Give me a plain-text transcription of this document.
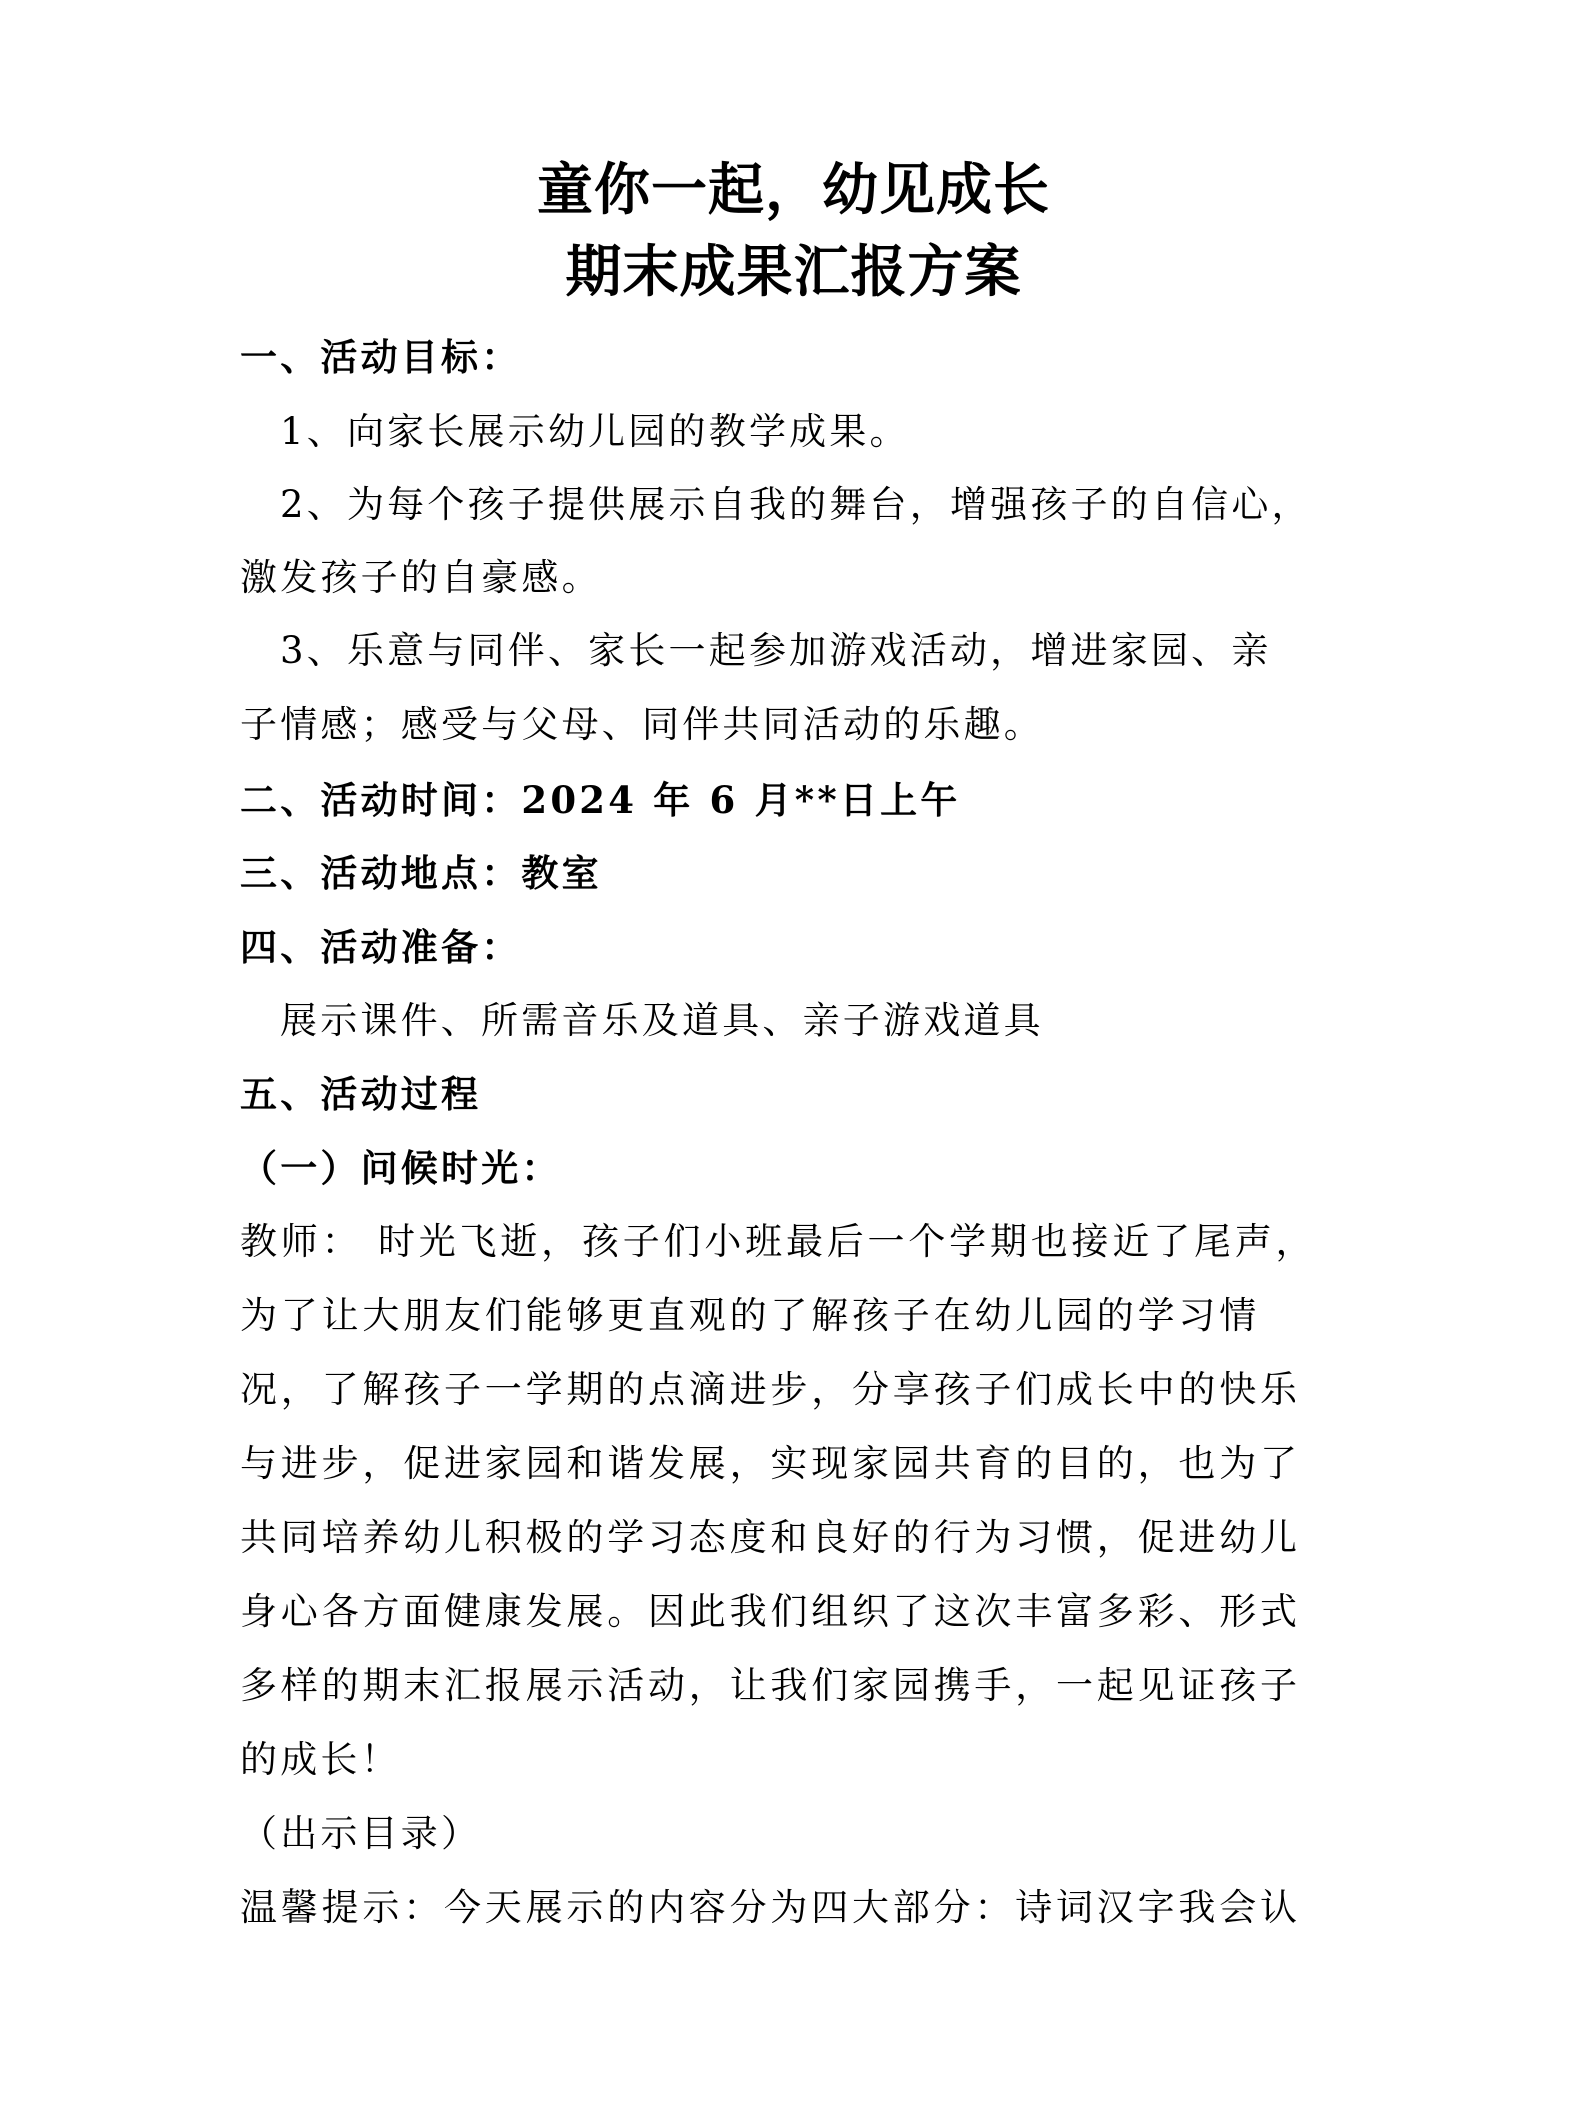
童你一起，幼见成长
期末成果汇报方案
一、活动目标：
1、向家长展示幼儿园的教学成果。
2、为每个孩子提供展示自我的舞台，增强孩子的自信心，
激发孩子的自豪感。
3、乐意与同伴、家长一起参加游戏活动，增进家园、亲
子情感；感受与父母、同伴共同活动的乐趣。
二、活动时间：2024 年 6 月**日上午
三、活动地点：教室
四、活动准备：
展示课件、所需音乐及道具、亲子游戏道具
五、活动过程
（一）问候时光：
教师： 时光飞逝，孩子们小班最后一个学期也接近了尾声，
为了让大朋友们能够更直观的了解孩子在幼儿园的学习情
况，了解孩子一学期的点滴进步，分享孩子们成长中的快乐
与进步，促进家园和谐发展，实现家园共育的目的，也为了
共同培养幼儿积极的学习态度和良好的行为习惯，促进幼儿
身心各方面健康发展。因此我们组织了这次丰富多彩、形式
多样的期末汇报展示活动，让我们家园携手，一起见证孩子
的成长！
（出示目录）
温馨提示：今天展示的内容分为四大部分：诗词汉字我会认
